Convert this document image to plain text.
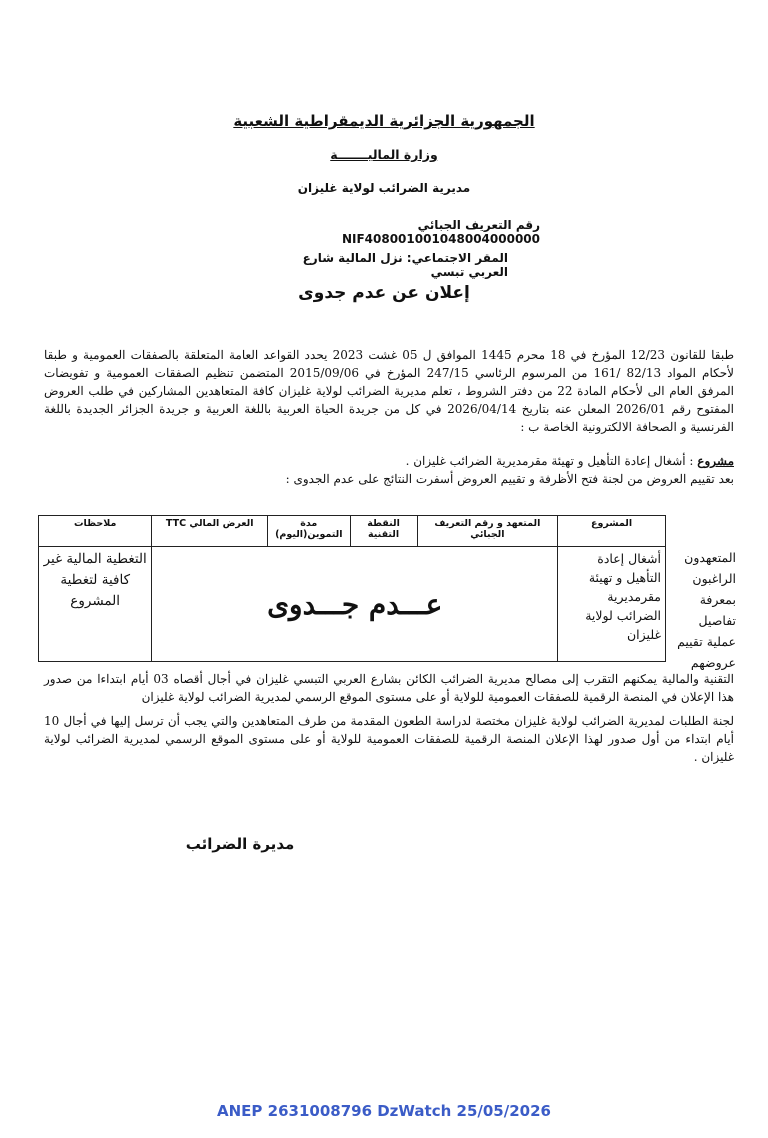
الجمهورية الجزائرية الديمقراطية الشعبية
وزارة الماليـــــــة
مديرية الضرائب لولاية غليزان
رقم التعريف الجبائي NIF408001001048004000000
المقر الاجتماعي: نزل المالية شارع العربي تبسي
إعلان عن عدم جدوى
طبقا للقانون 12/23 المؤرخ في 18 محرم 1445 الموافق ل 05 غشت 2023 يحدد القواعد العامة المتعلقة بالصفقات العمومية و طبقا لأحكام المواد 82/13 /161 من المرسوم الرئاسي 247/15 المؤرخ في 2015/09/06 المتضمن تنظيم الصفقات العمومية و تفويضات المرفق العام الى لأحكام المادة 22 من دفتر الشروط ، تعلم مديرية الضرائب لولاية غليزان كافة المتعاهدين المشاركين في طلب العروض المفتوح رقم 2026/01 المعلن عنه بتاريخ 2026/04/14 في كل من جريدة الحياة العربية باللغة العربية و جريدة الجزائر الجديدة باللغة الفرنسية و الصحافة الالكترونية الخاصة ب :
مشروع : أشغال إعادة التأهيل و تهيئة مقرمديرية الضرائب غليزان .
بعد تقييم العروض من لجنة فتح الأظرفة و تقييم العروض أسفرت النتائج على عدم الجدوى :
المشروع	المتعهد و رقم التعريف الجبائي	النقطة التقنية	مدة التموين(اليوم)	العرض المالي TTC	ملاحظات
أشغال إعادة التأهيل و تهيئة مقرمديرية الضرائب لولاية غليزان	عـــدم جـــدوى				التغطية المالية غير كافية لتغطية المشروع
المتعهدون الراغبون بمعرفة تفاصيل عملية تقييم عروضهم
التقنية والمالية يمكنهم التقرب إلى مصالح مديرية الضرائب الكائن بشارع العربي التبسي غليزان في أجال أقصاه 03 أيام ابتداءا من صدور هذا الإعلان في المنصة الرقمية للصفقات العمومية للولاية أو على مستوى الموقع الرسمي لمديرية الضرائب لولاية غليزان
لجنة الطلبات لمديرية الضرائب لولاية غليزان مختصة لدراسة الطعون المقدمة من طرف المتعاهدين والتي يجب أن ترسل إليها في أجال 10 أيام ابتداء من أول صدور لهذا الإعلان المنصة الرقمية للصفقات العمومية للولاية أو على مستوى الموقع الرسمي لمديرية الضرائب لولاية غليزان .
مديرة الضرائب
ANEP 2631008796 DzWatch 25/05/2026
